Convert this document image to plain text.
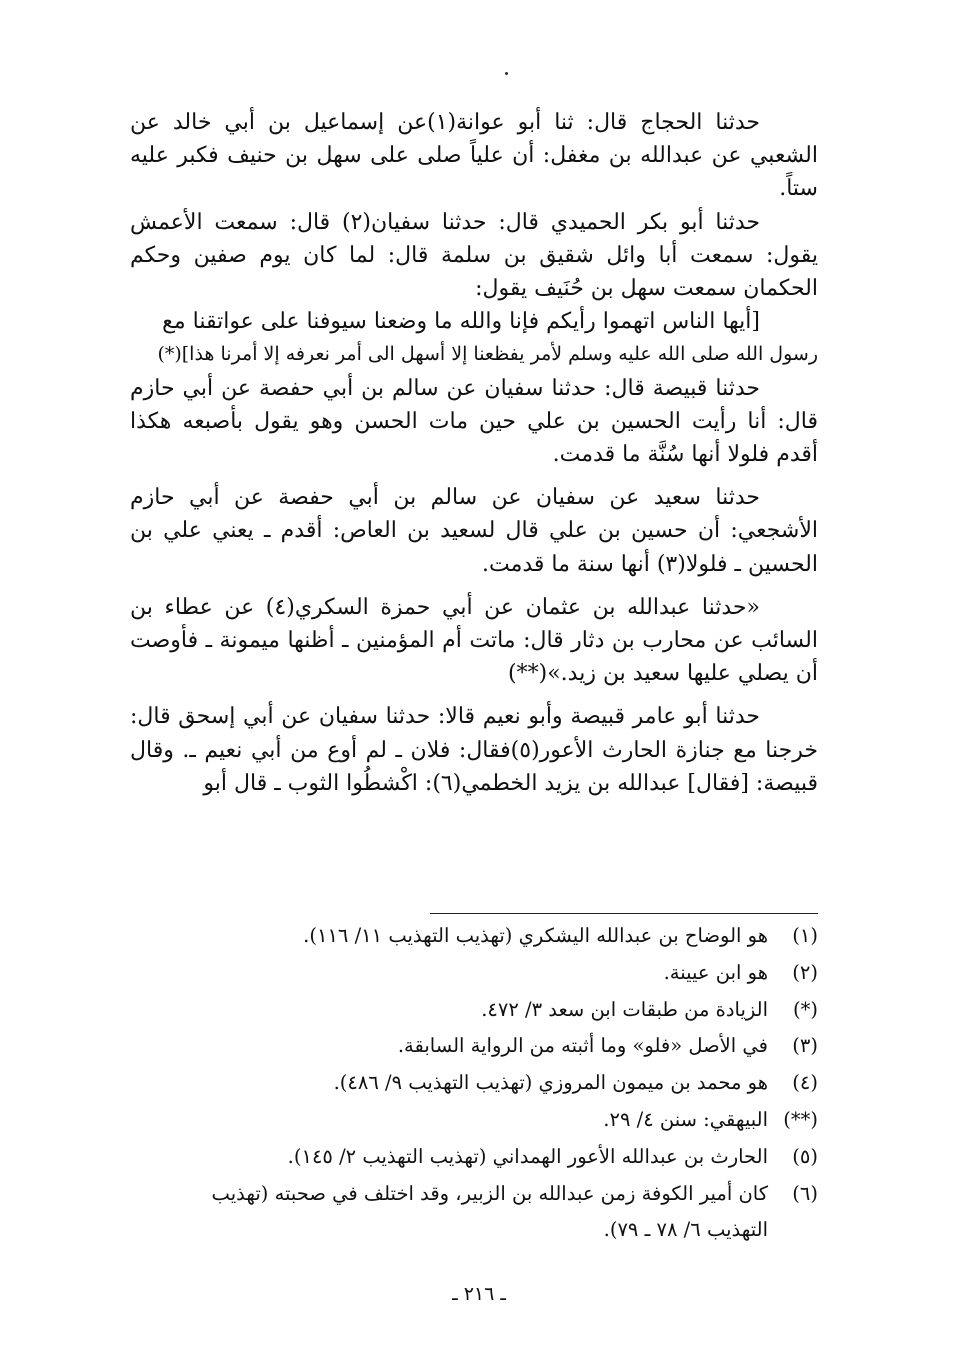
حدثنا الحجاج قال: ثنا أبو عوانة(١)عن إسماعيل بن أبي خالد عن الشعبي عن عبدالله بن مغفل: أن علياً صلى على سهل بن حنيف فكبر عليه ستاً.

حدثنا أبو بكر الحميدي قال: حدثنا سفيان(٢) قال: سمعت الأعمش يقول: سمعت أبا وائل شقيق بن سلمة قال: لما كان يوم صفين وحكم الحكمان سمعت سهل بن حُنَيف يقول:

[أيها الناس اتهموا رأيكم فإنا والله ما وضعنا سيوفنا على عواتقنا مع

رسول الله صلى الله عليه وسلم لأمر يفظعنا إلا أسهل الى أمر نعرفه إلا أمرنا هذا](*)

حدثنا قبيصة قال: حدثنا سفيان عن سالم بن أبي حفصة عن أبي حازم قال: أنا رأيت الحسين بن علي حين مات الحسن وهو يقول بأصبعه هكذا أقدم فلولا أنها سُنَّة ما قدمت.

حدثنا سعيد عن سفيان عن سالم بن أبي حفصة عن أبي حازم الأشجعي: أن حسين بن علي قال لسعيد بن العاص: أقدم ـ يعني علي بن الحسين ـ فلولا(٣) أنها سنة ما قدمت.

«حدثنا عبدالله بن عثمان عن أبي حمزة السكري(٤) عن عطاء بن السائب عن محارب بن دثار قال: ماتت أم المؤمنين ـ أظنها ميمونة ـ فأوصت أن يصلي عليها سعيد بن زيد.»(**)

حدثنا أبو عامر قبيصة وأبو نعيم قالا: حدثنا سفيان عن أبي إسحق قال: خرجنا مع جنازة الحارث الأعور(٥)فقال: فلان ـ لم أوع من أبي نعيم ـ. وقال قبيصة: [فقال] عبدالله بن يزيد الخطمي(٦): اكْشطُوا الثوب ـ قال أبو

(١)
هو الوضاح بن عبدالله اليشكري (تهذيب التهذيب ١١/ ١١٦).
(٢)
هو ابن عيينة.
(*)
الزيادة من طبقات ابن سعد ٣/ ٤٧٢.
(٣)
في الأصل «فلو» وما أثبته من الرواية السابقة.
(٤)
هو محمد بن ميمون المروزي (تهذيب التهذيب ٩/ ٤٨٦).
(**)
البيهقي: سنن ٤/ ٢٩.
(٥)
الحارث بن عبدالله الأعور الهمداني (تهذيب التهذيب ٢/ ١٤٥).
(٦)
كان أمير الكوفة زمن عبدالله بن الزبير، وقد اختلف في صحبته (تهذيب التهذيب ٦/ ٧٨ ـ ٧٩).
ـ ٢١٦ ـ
